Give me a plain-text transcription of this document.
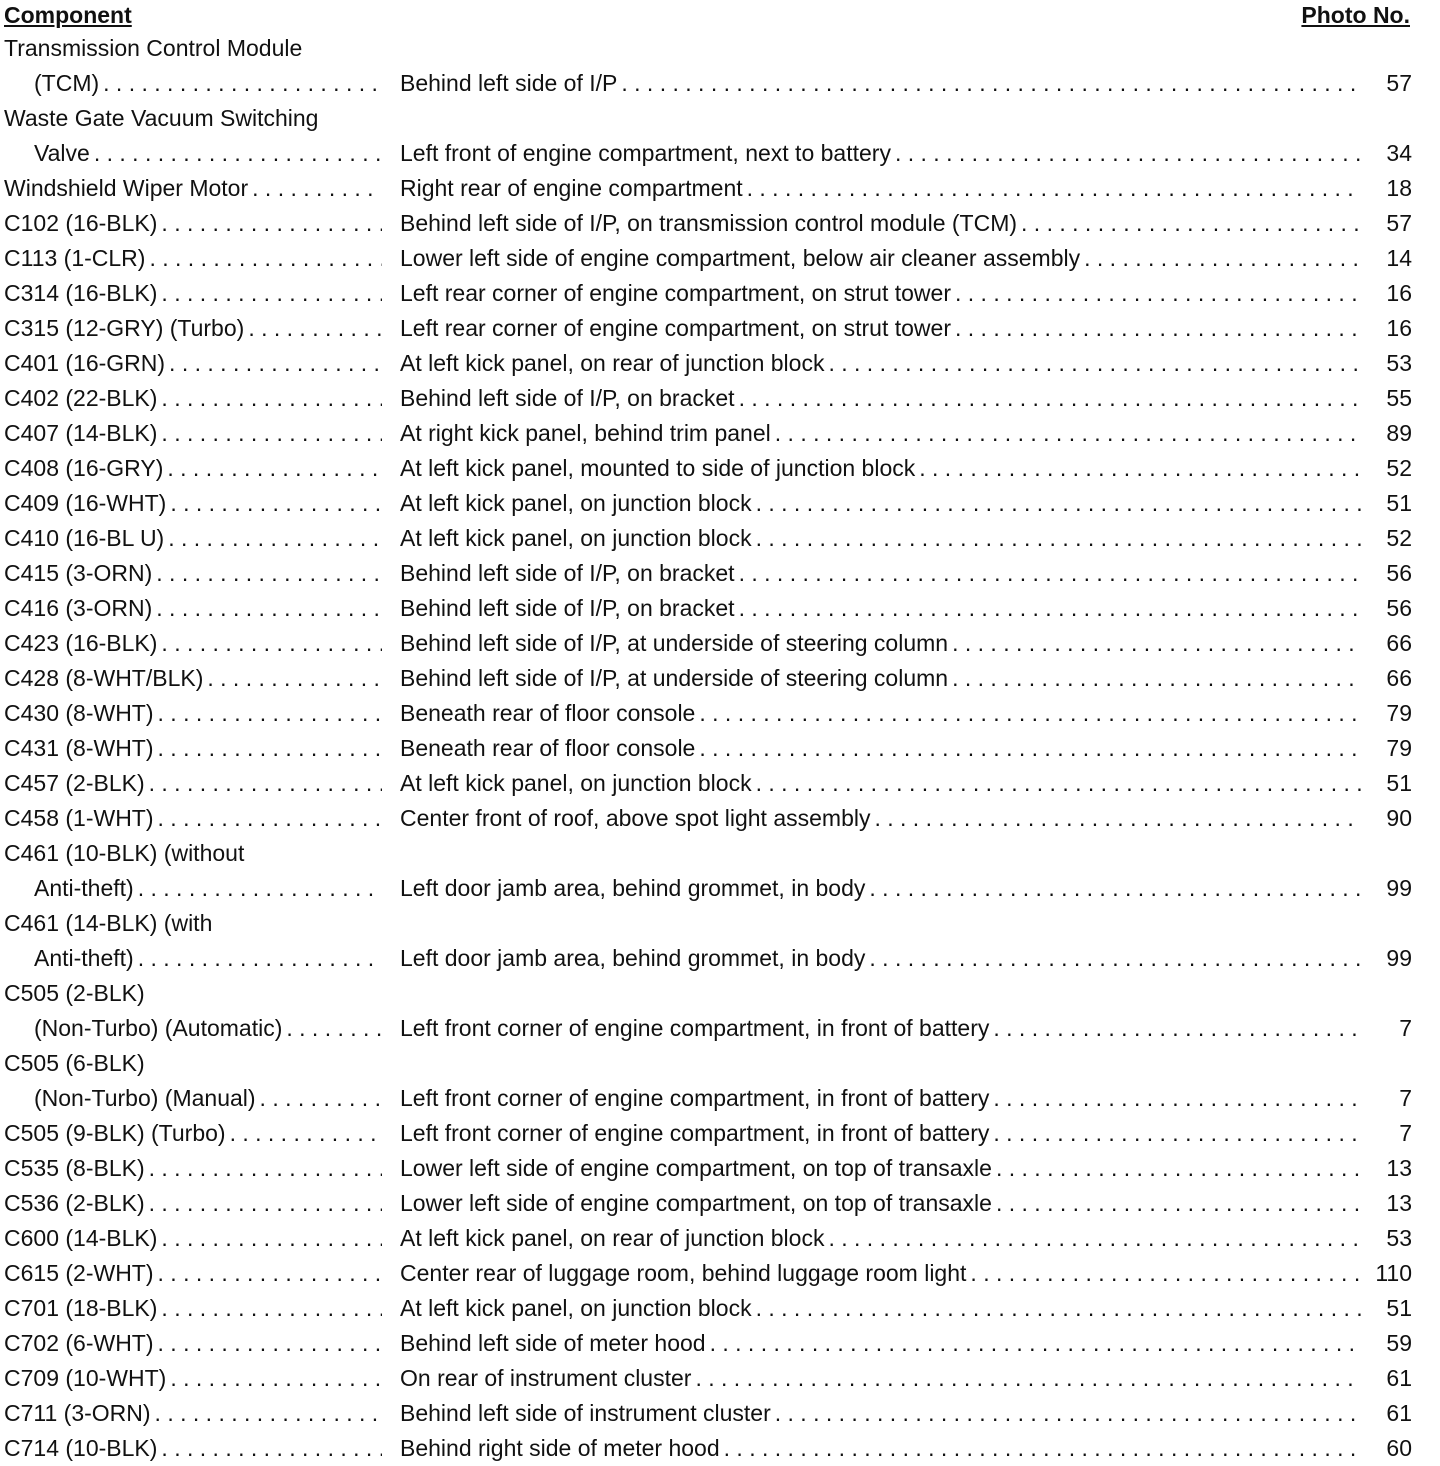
Component	Photo No.
Transmission Control Module
(TCM) . . .	Behind left side of I/P . . .	57
Waste Gate Vacuum Switching
Valve . . .	Left front of engine compartment, next to battery . . .	34
Windshield Wiper Motor . . .	Right rear of engine compartment . . .	18
C102 (16-BLK) . . .	Behind left side of I/P, on transmission control module (TCM) . . .	57
C113 (1-CLR) . . .	Lower left side of engine compartment, below air cleaner assembly . . .	14
C314 (16-BLK) . . .	Left rear corner of engine compartment, on strut tower . . .	16
C315 (12-GRY) (Turbo) . . .	Left rear corner of engine compartment, on strut tower . . .	16
C401 (16-GRN) . . .	At left kick panel, on rear of junction block . . .	53
C402 (22-BLK) . . .	Behind left side of I/P, on bracket . . .	55
C407 (14-BLK) . . .	At right kick panel, behind trim panel . . .	89
C408 (16-GRY) . . .	At left kick panel, mounted to side of junction block . . .	52
C409 (16-WHT) . . .	At left kick panel, on junction block . . .	51
C410 (16-BL U) . . .	At left kick panel, on junction block . . .	52
C415 (3-ORN) . . .	Behind left side of I/P, on bracket . . .	56
C416 (3-ORN) . . .	Behind left side of I/P, on bracket . . .	56
C423 (16-BLK) . . .	Behind left side of I/P, at underside of steering column . . .	66
C428 (8-WHT/BLK) . . .	Behind left side of I/P, at underside of steering column . . .	66
C430 (8-WHT) . . .	Beneath rear of floor console . . .	79
C431 (8-WHT) . . .	Beneath rear of floor console . . .	79
C457 (2-BLK) . . .	At left kick panel, on junction block . . .	51
C458 (1-WHT) . . .	Center front of roof, above spot light assembly . . .	90
C461 (10-BLK) (without
Anti-theft) . . .	Left door jamb area, behind grommet, in body . . .	99
C461 (14-BLK) (with
Anti-theft) . . .	Left door jamb area, behind grommet, in body . . .	99
C505 (2-BLK)
(Non-Turbo) (Automatic) . . .	Left front corner of engine compartment, in front of battery . . .	7
C505 (6-BLK)
(Non-Turbo) (Manual) . . .	Left front corner of engine compartment, in front of battery . . .	7
C505 (9-BLK) (Turbo) . . .	Left front corner of engine compartment, in front of battery . . .	7
C535 (8-BLK) . . .	Lower left side of engine compartment, on top of transaxle . . .	13
C536 (2-BLK) . . .	Lower left side of engine compartment, on top of transaxle . . .	13
C600 (14-BLK) . . .	At left kick panel, on rear of junction block . . .	53
C615 (2-WHT) . . .	Center rear of luggage room, behind luggage room light . . .	110
C701 (18-BLK) . . .	At left kick panel, on junction block . . .	51
C702 (6-WHT) . . .	Behind left side of meter hood . . .	59
C709 (10-WHT) . . .	On rear of instrument cluster . . .	61
C711 (3-ORN) . . .	Behind left side of instrument cluster . . .	61
C714 (10-BLK) . . .	Behind right side of meter hood . . .	60
